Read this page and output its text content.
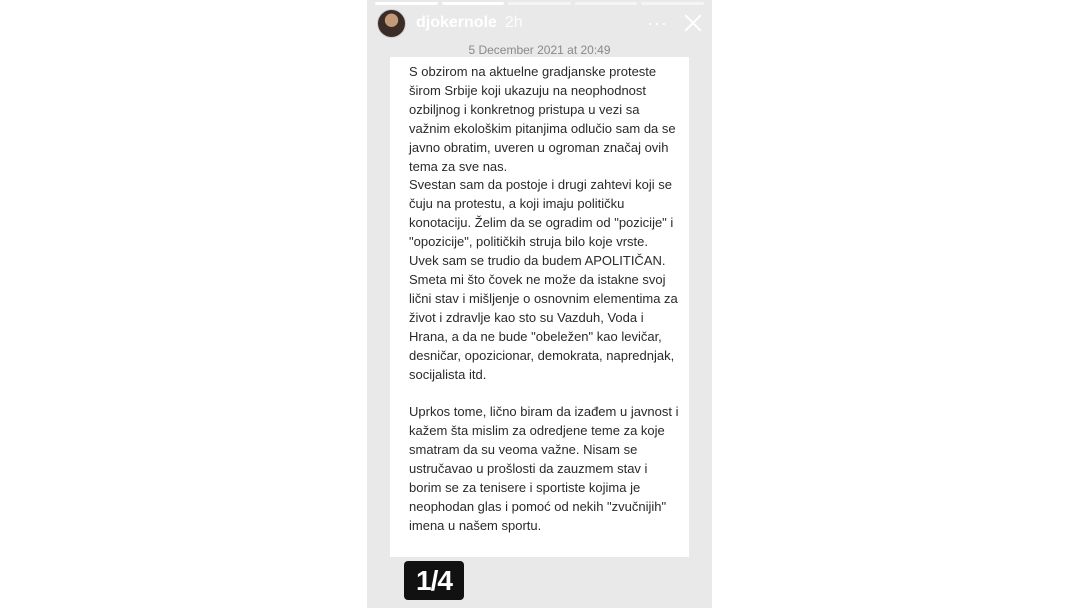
djokernole 2h	···
5 December 2021 at 20:49

S obzirom na aktuelne gradjanske proteste širom Srbije koji ukazuju na neophodnost ozbiljnog i konkretnog pristupa u vezi sa važnim ekološkim pitanjima odlučio sam da se javno obratim, uveren u ogroman značaj ovih tema za sve nas.

Svestan sam da postoje i drugi zahtevi koji se čuju na protestu, a koji imaju političku konotaciju. Želim da se ogradim od "pozicije" i "opozicije", političkih struja bilo koje vrste. Uvek sam se trudio da budem APOLITIČAN. Smeta mi što čovek ne može da istakne svoj lični stav i mišljenje o osnovnim elementima za život i zdravlje kao sto su Vazduh, Voda i Hrana, a da ne bude "obeležen" kao levičar, desničar, opozicionar, demokrata, naprednjak, socijalista itd.

Uprkos tome, lično biram da izađem u javnost i kažem šta mislim za odredjene teme za koje smatram da su veoma važne. Nisam se ustručavao u prošlosti da zauzmem stav i borim se za tenisere i sportiste kojima je neophodan glas i pomoć od nekih "zvučnijih" imena u našem sportu.

1/4
